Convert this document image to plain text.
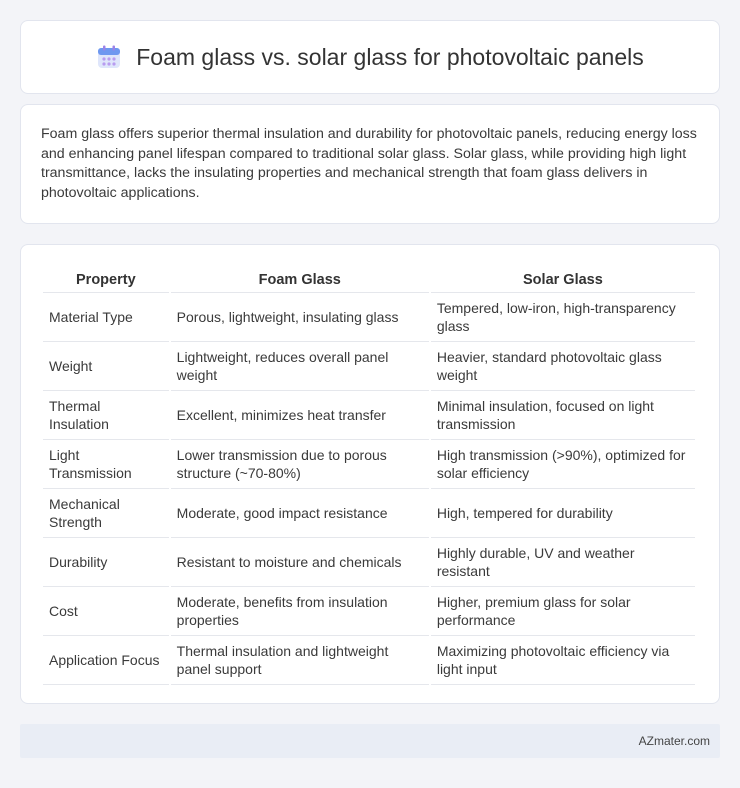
Foam glass vs. solar glass for photovoltaic panels

Foam glass offers superior thermal insulation and durability for photovoltaic panels, reducing energy loss and enhancing panel lifespan compared to traditional solar glass. Solar glass, while providing high light transmittance, lacks the insulating properties and mechanical strength that foam glass delivers in photovoltaic applications.

Property	Foam Glass	Solar Glass
Material Type	Porous, lightweight, insulating glass	Tempered, low-iron, high-transparency glass
Weight	Lightweight, reduces overall panel weight	Heavier, standard photovoltaic glass weight
Thermal Insulation	Excellent, minimizes heat transfer	Minimal insulation, focused on light transmission
Light Transmission	Lower transmission due to porous structure (~70-80%)	High transmission (>90%), optimized for solar efficiency
Mechanical Strength	Moderate, good impact resistance	High, tempered for durability
Durability	Resistant to moisture and chemicals	Highly durable, UV and weather resistant
Cost	Moderate, benefits from insulation properties	Higher, premium glass for solar performance
Application Focus	Thermal insulation and lightweight panel support	Maximizing photovoltaic efficiency via light input
AZmater.com
